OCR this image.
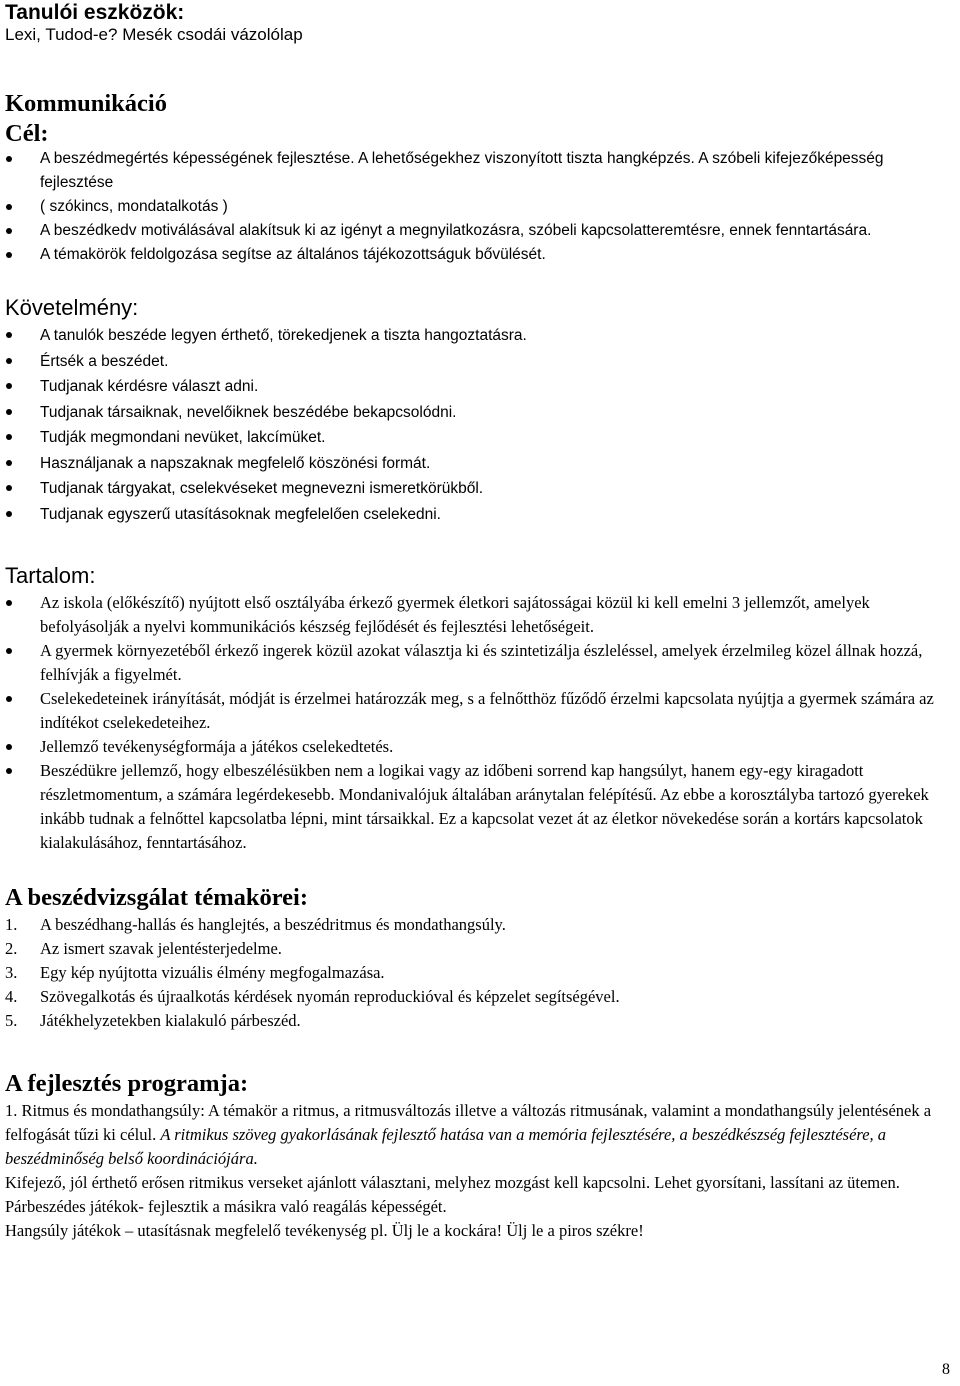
Tanulói eszközök:

Lexi, Tudod-e? Mesék csodái vázolólap

Kommunikáció
Cél:
A beszédmegértés képességének fejlesztése. A lehetőségekhez viszonyított tiszta hangképzés. A szóbeli kifejezőképesség fejlesztése
( szókincs, mondatalkotás )
A beszédkedv motiválásával alakítsuk ki az igényt a megnyilatkozásra, szóbeli kapcsolatteremtésre, ennek fenntartására.
A témakörök feldolgozása segítse az általános tájékozottságuk bővülését.
Követelmény:
A tanulók beszéde legyen érthető, törekedjenek a tiszta hangoztatásra.
Értsék a beszédet.
Tudjanak kérdésre választ adni.
Tudjanak társaiknak, nevelőiknek beszédébe bekapcsolódni.
Tudják megmondani nevüket, lakcímüket.
Használjanak a napszaknak megfelelő köszönési formát.
Tudjanak tárgyakat, cselekvéseket megnevezni ismeretkörükből.
Tudjanak egyszerű utasításoknak megfelelően cselekedni.
Tartalom:
Az iskola (előkészítő) nyújtott első osztályába érkező gyermek életkori sajátosságai közül ki kell emelni 3 jellemzőt, amelyek befolyásolják a nyelvi kommunikációs készség fejlődését és fejlesztési lehetőségeit.
A gyermek környezetéből érkező ingerek közül azokat választja ki és szintetizálja észleléssel, amelyek érzelmileg közel állnak hozzá, felhívják a figyelmét.
Cselekedeteinek irányítását, módját is érzelmei határozzák meg, s a felnőtthöz fűződő érzelmi kapcsolata nyújtja a gyermek számára az indítékot cselekedeteihez.
Jellemző tevékenységformája a játékos cselekedtetés.
Beszédükre jellemző, hogy elbeszélésükben nem a logikai vagy az időbeni sorrend kap hangsúlyt, hanem egy-egy kiragadott részletmomentum, a számára legérdekesebb. Mondanivalójuk általában aránytalan felépítésű. Az ebbe a korosztályba tartozó gyerekek inkább tudnak a felnőttel kapcsolatba lépni, mint társaikkal. Ez a kapcsolat vezet át az életkor növekedése során a kortárs kapcsolatok kialakulásához, fenntartásához.
A beszédvizsgálat témakörei:
1. A beszédhang-hallás és hanglejtés, a beszédritmus és mondathangsúly.
2. Az ismert szavak jelentésterjedelme.
3. Egy kép nyújtotta vizuális élmény megfogalmazása.
4. Szövegalkotás és újraalkotás kérdések nyomán reproduckióval és képzelet segítségével.
5. Játékhelyzetekben kialakuló párbeszéd.
A fejlesztés programja:

1. Ritmus és mondathangsúly: A témakör a ritmus, a ritmusváltozás illetve a változás ritmusának, valamint a mondathangsúly jelentésének a felfogását tűzi ki célul. A ritmikus szöveg gyakorlásának fejlesztő hatása van a memória fejlesztésére, a beszédkészség fejlesztésére, a beszédminőség belső koordinációjára.

Kifejező, jól érthető erősen ritmikus verseket ajánlott választani, melyhez mozgást kell kapcsolni. Lehet gyorsítani, lassítani az ütemen.

Párbeszédes játékok- fejlesztik a másikra való reagálás képességét.

Hangsúly játékok – utasításnak megfelelő tevékenység pl. Ülj le a kockára! Ülj le a piros székre!

8
